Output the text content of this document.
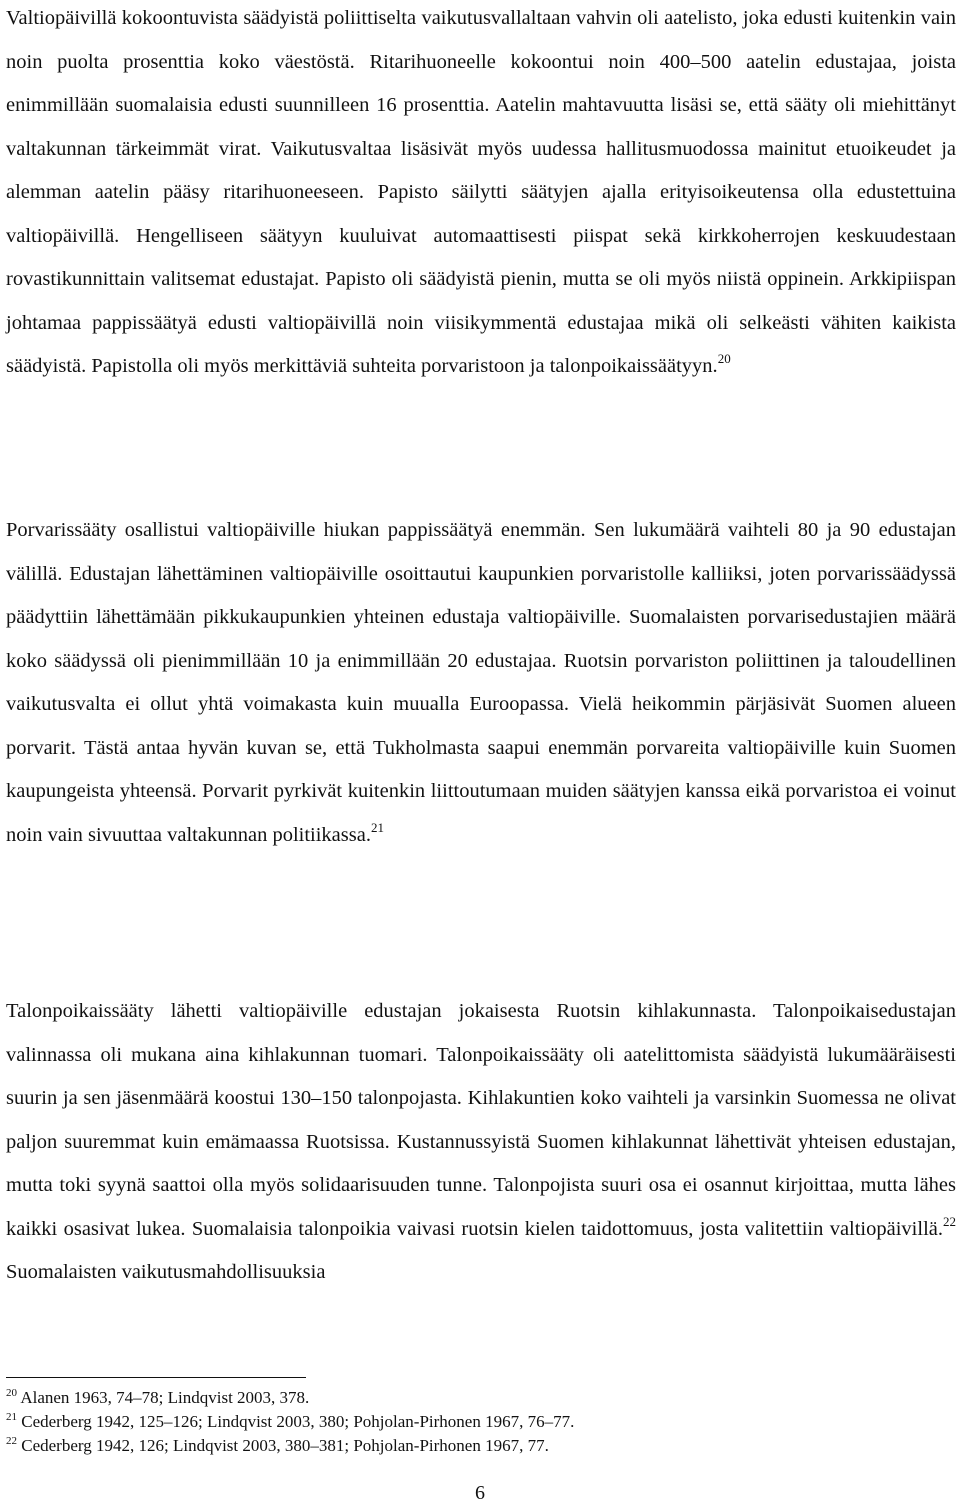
Valtiopäivillä kokoontuvista säädyistä poliittiselta vaikutusvallaltaan vahvin oli aatelisto, joka edusti kuitenkin vain noin puolta prosenttia koko väestöstä. Ritarihuoneelle kokoontui noin 400–500 aatelin edustajaa, joista enimmillään suomalaisia edusti suunnilleen 16 prosenttia. Aatelin mahtavuutta lisäsi se, että sääty oli miehittänyt valtakunnan tärkeimmät virat. Vaikutusvaltaa lisäsivät myös uudessa hallitusmuodossa mainitut etuoikeudet ja alemman aatelin pääsy ritarihuoneeseen. Papisto säilytti säätyjen ajalla erityisoikeutensa olla edustettuina valtiopäivillä. Hengelliseen säätyyn kuuluivat automaattisesti piispat sekä kirkkoherrojen keskuudestaan rovastikunnittain valitsemat edustajat. Papisto oli säädyistä pienin, mutta se oli myös niistä oppinein. Arkkipiispan johtamaa pappissäätyä edusti valtiopäivillä noin viisikymmentä edustajaa mikä oli selkeästi vähiten kaikista säädyistä. Papistolla oli myös merkittäviä suhteita porvaristoon ja talonpoikaissäätyyn.$^{20}$

Porvarissääty osallistui valtiopäiville hiukan pappissäätyä enemmän. Sen lukumäärä vaihteli 80 ja 90 edustajan välillä. Edustajan lähettäminen valtiopäiville osoittautui kaupunkien porvaristolle kalliiksi, joten porvarissäädyssä päädyttiin lähettämään pikkukaupunkien yhteinen edustaja valtiopäiville. Suomalaisten porvarisedustajien määrä koko säädyssä oli pienimmillään 10 ja enimmillään 20 edustajaa. Ruotsin porvariston poliittinen ja taloudellinen vaikutusvalta ei ollut yhtä voimakasta kuin muualla Euroopassa. Vielä heikommin pärjäsivät Suomen alueen porvarit. Tästä antaa hyvän kuvan se, että Tukholmasta saapui enemmän porvareita valtiopäiville kuin Suomen kaupungeista yhteensä. Porvarit pyrkivät kuitenkin liittoutumaan muiden säätyjen kanssa eikä porvaristoa ei voinut noin vain sivuuttaa valtakunnan politiikassa.$^{21}$

Talonpoikaissääty lähetti valtiopäiville edustajan jokaisesta Ruotsin kihlakunnasta. Talonpoikaisedustajan valinnassa oli mukana aina kihlakunnan tuomari. Talonpoikaissääty oli aatelittomista säädyistä lukumääräisesti suurin ja sen jäsenmäärä koostui 130–150 talonpojasta. Kihlakuntien koko vaihteli ja varsinkin Suomessa ne olivat paljon suuremmat kuin emämaassa Ruotsissa. Kustannussyistä Suomen kihlakunnat lähettivät yhteisen edustajan, mutta toki syynä saattoi olla myös solidaarisuuden tunne. Talonpojista suuri osa ei osannut kirjoittaa, mutta lähes kaikki osasivat lukea. Suomalaisia talonpoikia vaivasi ruotsin kielen taidottomuus, josta valitettiin valtiopäivillä.$^{22}$ Suomalaisten vaikutusmahdollisuuksia

$^{20}$ Alanen 1963, 74–78; Lindqvist 2003, 378.
$^{21}$ Cederberg 1942, 125–126; Lindqvist 2003, 380; Pohjolan-Pirhonen 1967, 76–77.
$^{22}$ Cederberg 1942, 126; Lindqvist 2003, 380–381; Pohjolan-Pirhonen 1967, 77.
6
